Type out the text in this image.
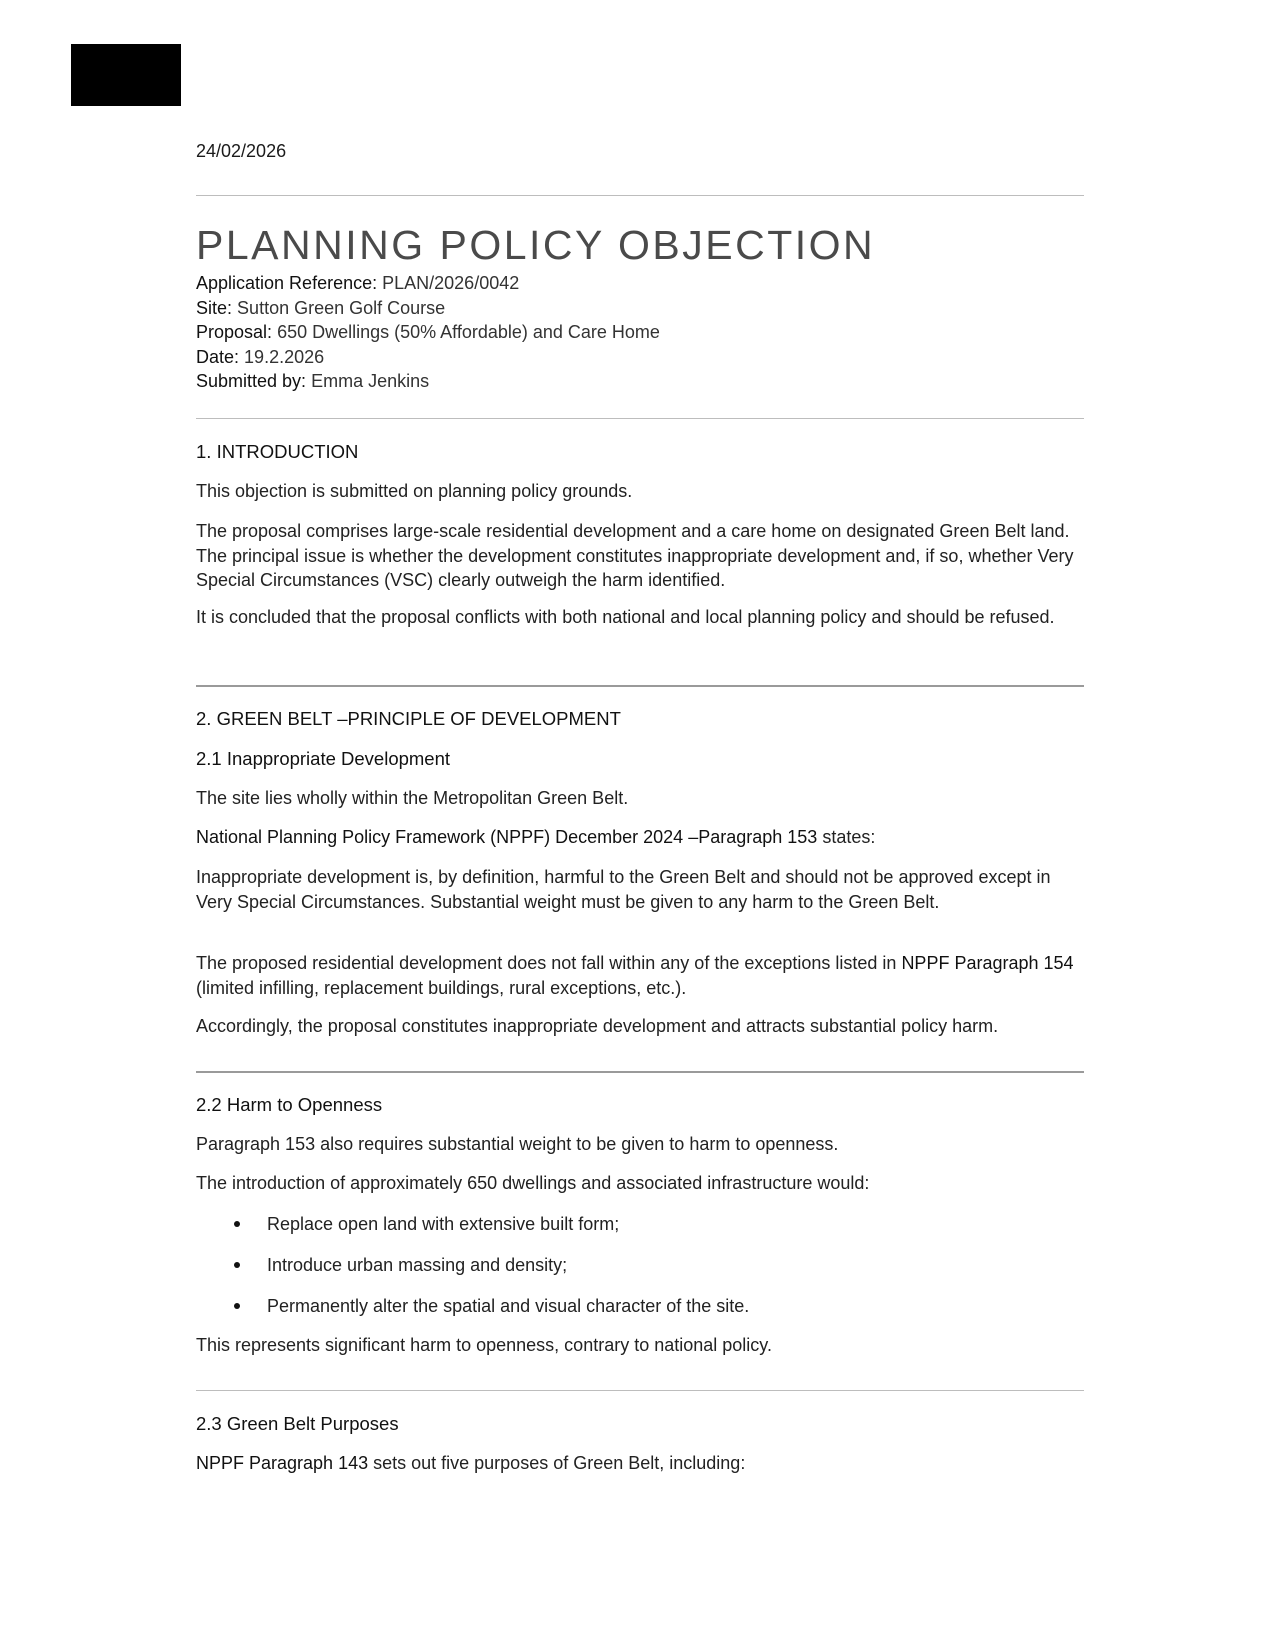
24/02/2026
PLANNING POLICY OBJECTION
Application Reference: PLAN/2026/0042
Site: Sutton Green Golf Course
Proposal: 650 Dwellings (50% Affordable) and Care Home
Date: 19.2.2026
Submitted by: Emma Jenkins
1. INTRODUCTION
This objection is submitted on planning policy grounds.
The proposal comprises large-scale residential development and a care home on designated Green Belt land. The principal issue is whether the development constitutes inappropriate development and, if so, whether Very Special Circumstances (VSC) clearly outweigh the harm identified.
It is concluded that the proposal conflicts with both national and local planning policy and should be refused.
2. GREEN BELT –PRINCIPLE OF DEVELOPMENT
2.1 Inappropriate Development
The site lies wholly within the Metropolitan Green Belt.
National Planning Policy Framework (NPPF) December 2024 –Paragraph 153 states:
Inappropriate development is, by definition, harmful to the Green Belt and should not be approved except in Very Special Circumstances. Substantial weight must be given to any harm to the Green Belt.
The proposed residential development does not fall within any of the exceptions listed in NPPF Paragraph 154 (limited infilling, replacement buildings, rural exceptions, etc.).
Accordingly, the proposal constitutes inappropriate development and attracts substantial policy harm.
2.2 Harm to Openness
Paragraph 153 also requires substantial weight to be given to harm to openness.
The introduction of approximately 650 dwellings and associated infrastructure would:
Replace open land with extensive built form;
Introduce urban massing and density;
Permanently alter the spatial and visual character of the site.
This represents significant harm to openness, contrary to national policy.
2.3 Green Belt Purposes
NPPF Paragraph 143 sets out five purposes of Green Belt, including:
